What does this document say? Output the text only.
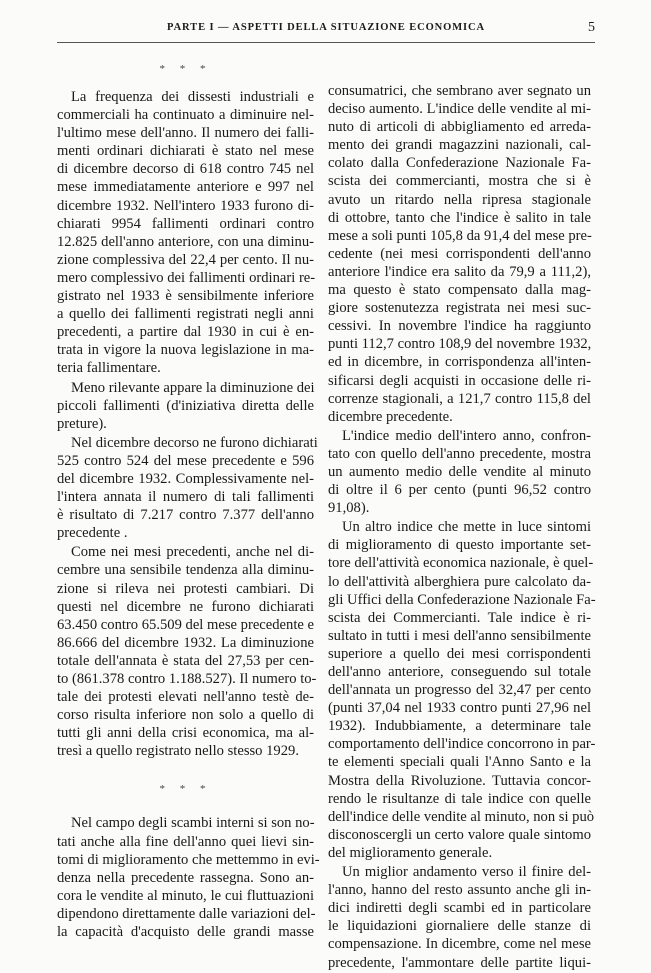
PARTE I — ASPETTI DELLA SITUAZIONE ECONOMICA	5
* * *
La frequenza dei dissesti industriali e
commerciali ha continuato a diminuire nel-
l'ultimo mese dell'anno. Il numero dei falli-
menti ordinari dichiarati è stato nel mese
di dicembre decorso di 618 contro 745 nel
mese immediatamente anteriore e 997 nel
dicembre 1932. Nell'intero 1933 furono di-
chiarati 9954 fallimenti ordinari contro
12.825 dell'anno anteriore, con una diminu-
zione complessiva del 22,4 per cento. Il nu-
mero complessivo dei fallimenti ordinari re-
gistrato nel 1933 è sensibilmente inferiore
a quello dei fallimenti registrati negli anni
precedenti, a partire dal 1930 in cui è en-
trata in vigore la nuova legislazione in ma-
teria fallimentare.
Meno rilevante appare la diminuzione dei
piccoli fallimenti (d'iniziativa diretta delle
preture).
Nel dicembre decorso ne furono dichiarati
525 contro 524 del mese precedente e 596
del dicembre 1932. Complessivamente nel-
l'intera annata il numero di tali fallimenti
è risultato di 7.217 contro 7.377 dell'anno
precedente .
Come nei mesi precedenti, anche nel di-
cembre una sensibile tendenza alla diminu-
zione si rileva nei protesti cambiari. Di
questi nel dicembre ne furono dichiarati
63.450 contro 65.509 del mese precedente e
86.666 del dicembre 1932. La diminuzione
totale dell'annata è stata del 27,53 per cen-
to (861.378 contro 1.188.527). Il numero to-
tale dei protesti elevati nell'anno testè de-
corso risulta inferiore non solo a quello di
tutti gli anni della crisi economica, ma al-
tresì a quello registrato nello stesso 1929.
* * *
Nel campo degli scambi interni si son no-
tati anche alla fine dell'anno quei lievi sin-
tomi di miglioramento che mettemmo in evi-
denza nella precedente rassegna. Sono an-
cora le vendite al minuto, le cui fluttuazioni
dipendono direttamente dalle variazioni del-
la capacità d'acquisto delle grandi masse
consumatrici, che sembrano aver segnato un
deciso aumento. L'indice delle vendite al mi-
nuto di articoli di abbigliamento ed arreda-
mento dei grandi magazzini nazionali, cal-
colato dalla Confederazione Nazionale Fa-
scista dei commercianti, mostra che si è
avuto un ritardo nella ripresa stagionale
di ottobre, tanto che l'indice è salito in tale
mese a soli punti 105,8 da 91,4 del mese pre-
cedente (nei mesi corrispondenti dell'anno
anteriore l'indice era salito da 79,9 a 111,2),
ma questo è stato compensato dalla mag-
giore sostenutezza registrata nei mesi suc-
cessivi. In novembre l'indice ha raggiunto
punti 112,7 contro 108,9 del novembre 1932,
ed in dicembre, in corrispondenza all'inten-
sificarsi degli acquisti in occasione delle ri-
correnze stagionali, a 121,7 contro 115,8 del
dicembre precedente.
L'indice medio dell'intero anno, confron-
tato con quello dell'anno precedente, mostra
un aumento medio delle vendite al minuto
di oltre il 6 per cento (punti 96,52 contro
91,08).
Un altro indice che mette in luce sintomi
di miglioramento di questo importante set-
tore dell'attività economica nazionale, è quel-
lo dell'attività alberghiera pure calcolato da-
gli Uffici della Confederazione Nazionale Fa-
scista dei Commercianti. Tale indice è ri-
sultato in tutti i mesi dell'anno sensibilmente
superiore a quello dei mesi corrispondenti
dell'anno anteriore, conseguendo sul totale
dell'annata un progresso del 32,47 per cento
(punti 37,04 nel 1933 contro punti 27,96 nel
1932). Indubbiamente, a determinare tale
comportamento dell'indice concorrono in par-
te elementi speciali quali l'Anno Santo e la
Mostra della Rivoluzione. Tuttavia concor-
rendo le risultanze di tale indice con quelle
dell'indice delle vendite al minuto, non si può
disconoscergli un certo valore quale sintomo
del miglioramento generale.
Un miglior andamento verso il finire del-
l'anno, hanno del resto assunto anche gli in-
dici indiretti degli scambi ed in particolare
le liquidazioni giornaliere delle stanze di
compensazione. In dicembre, come nel mese
precedente, l'ammontare delle partite liqui-
